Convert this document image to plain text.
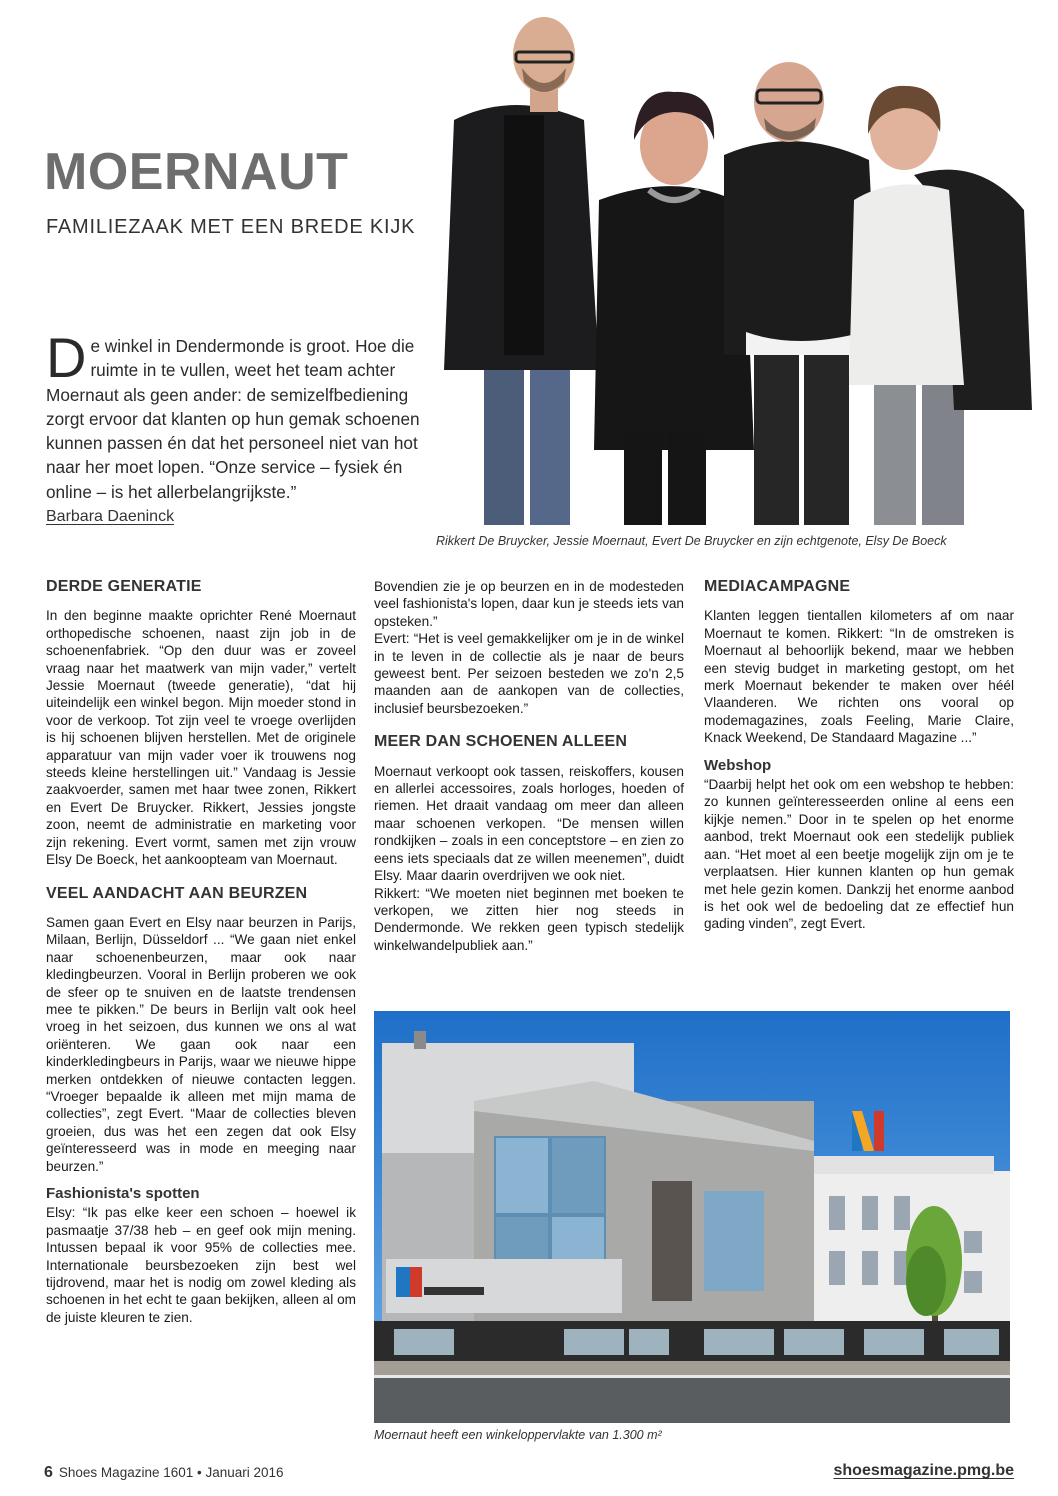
MOERNAUT
FAMILIEZAAK MET EEN BREDE KIJK
De winkel in Dendermonde is groot. Hoe die ruimte in te vullen, weet het team achter Moernaut als geen ander: de semizelfbediening zorgt ervoor dat klanten op hun gemak schoenen kunnen passen én dat het personeel niet van hot naar her moet lopen. “Onze service – fysiek én online – is het allerbelangrijkste.”
Barbara Daeninck
Rikkert De Bruycker, Jessie Moernaut, Evert De Bruycker en zijn echtgenote, Elsy De Boeck
DERDE GENERATIE

In den beginne maakte oprichter René Moernaut orthopedische schoenen, naast zijn job in de schoenenfabriek. “Op den duur was er zoveel vraag naar het maatwerk van mijn vader,” vertelt Jessie Moernaut (tweede generatie), “dat hij uiteindelijk een winkel begon. Mijn moeder stond in voor de verkoop. Tot zijn veel te vroege overlijden is hij schoenen blijven herstellen. Met de originele apparatuur van mijn vader voer ik trouwens nog steeds kleine herstellingen uit.” Vandaag is Jessie zaakvoerder, samen met haar twee zonen, Rikkert en Evert De Bruycker. Rikkert, Jessies jongste zoon, neemt de administratie en marketing voor zijn rekening. Evert vormt, samen met zijn vrouw Elsy De Boeck, het aankoopteam van Moernaut.

VEEL AANDACHT AAN BEURZEN

Samen gaan Evert en Elsy naar beurzen in Parijs, Milaan, Berlijn, Düsseldorf ... “We gaan niet enkel naar schoenenbeurzen, maar ook naar kledingbeurzen. Vooral in Berlijn proberen we ook de sfeer op te snuiven en de laatste trendensen mee te pikken.” De beurs in Berlijn valt ook heel vroeg in het seizoen, dus kunnen we ons al wat oriënteren. We gaan ook naar een kinderkledingbeurs in Parijs, waar we nieuwe hippe merken ontdekken of nieuwe contacten leggen. “Vroeger bepaalde ik alleen met mijn mama de collecties”, zegt Evert. “Maar de collecties bleven groeien, dus was het een zegen dat ook Elsy geïnteresseerd was in mode en meeging naar beurzen.”

Fashionista's spotten

Elsy: “Ik pas elke keer een schoen – hoewel ik pasmaatje 37/38 heb – en geef ook mijn mening. Intussen bepaal ik voor 95% de collecties mee. Internationale beursbezoeken zijn best wel tijdrovend, maar het is nodig om zowel kleding als schoenen in het echt te gaan bekijken, alleen al om de juiste kleuren te zien.

Bovendien zie je op beurzen en in de modesteden veel fashionista's lopen, daar kun je steeds iets van opsteken.”

Evert: “Het is veel gemakkelijker om je in de winkel in te leven in de collectie als je naar de beurs geweest bent. Per seizoen besteden we zo'n 2,5 maanden aan de aankopen van de collecties, inclusief beursbezoeken.”

MEER DAN SCHOENEN ALLEEN

Moernaut verkoopt ook tassen, reiskoffers, kousen en allerlei accessoires, zoals horloges, hoeden of riemen. Het draait vandaag om meer dan alleen maar schoenen verkopen. “De mensen willen rondkijken – zoals in een conceptstore – en zien zo eens iets speciaals dat ze willen meenemen”, duidt Elsy. Maar daarin overdrijven we ook niet.

Rikkert: “We moeten niet beginnen met boeken te verkopen, we zitten hier nog steeds in Dendermonde. We rekken geen typisch stedelijk winkelwandelpubliek aan.”

MEDIACAMPAGNE

Klanten leggen tientallen kilometers af om naar Moernaut te komen. Rikkert: “In de omstreken is Moernaut al behoorlijk bekend, maar we hebben een stevig budget in marketing gestopt, om het merk Moernaut bekender te maken over héél Vlaanderen. We richten ons vooral op modemagazines, zoals Feeling, Marie Claire, Knack Weekend, De Standaard Magazine ...”

Webshop

“Daarbij helpt het ook om een webshop te hebben: zo kunnen geïnteresseerden online al eens een kijkje nemen.” Door in te spelen op het enorme aanbod, trekt Moernaut ook een stedelijk publiek aan. “Het moet al een beetje mogelijk zijn om je te verplaatsen. Hier kunnen klanten op hun gemak met hele gezin komen. Dankzij het enorme aanbod is het ook wel de bedoeling dat ze effectief hun gading vinden”, zegt Evert.

Moernaut heeft een winkeloppervlakte van 1.300 m²
6 Shoes Magazine 1601 • Januari 2016	shoesmagazine.pmg.be
